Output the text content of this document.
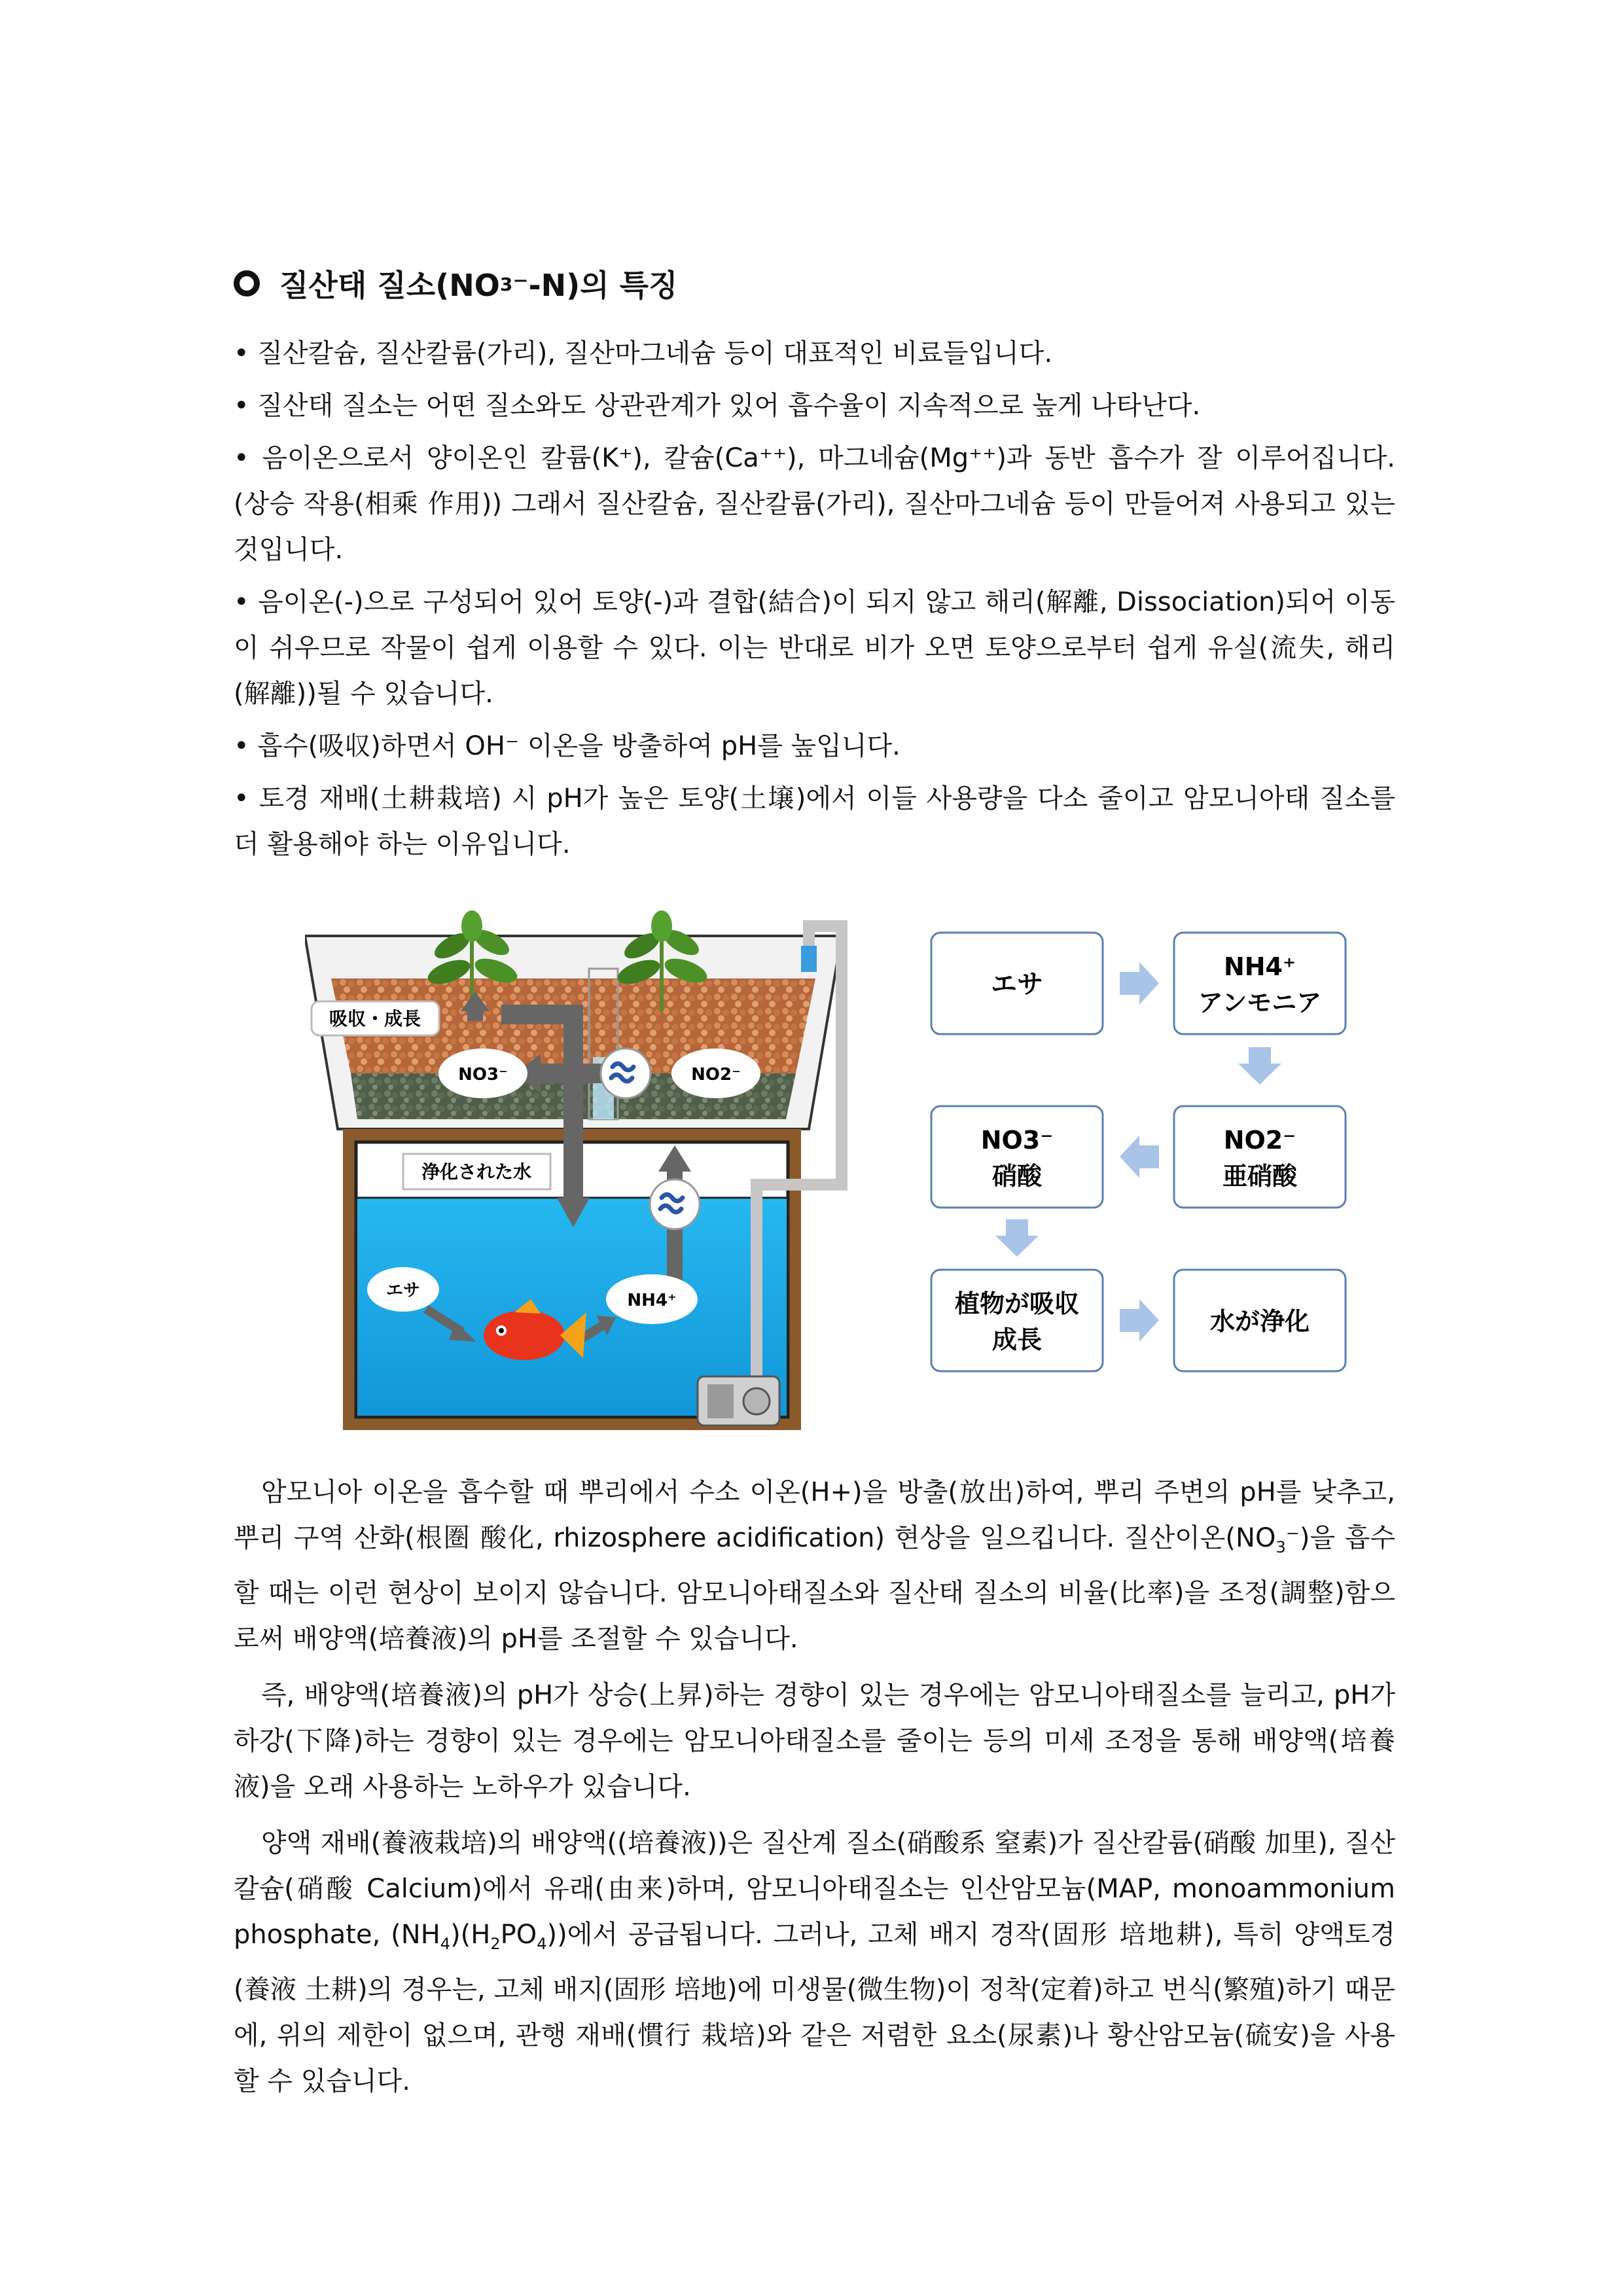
질산태 질소$(NO^3^--N)$의 특징
• 질산칼슘, 질산칼륨(가리), 질산마그네슘 등이 대표적인 비료들입니다.
• 질산태 질소는 어떤 질소와도 상관관계가 있어 흡수율이 지속적으로 높게 나타난다.
• 음이온으로서 양이온인 칼륨(K⁺), 칼슘(Ca⁺⁺), 마그네슘(Mg⁺⁺)과 동반 흡수가 잘 이루어집니다. (상승 작용(相乘 作用)) 그래서 질산칼슘, 질산칼륨(가리), 질산마그네슘 등이 만들어져 사용되고 있는 것입니다.
• 음이온(-)으로 구성되어 있어 토양(-)과 결합(結合)이 되지 않고 해리(解離, Dissociation)되어 이동이 쉬우므로 작물이 쉽게 이용할 수 있다. 이는 반대로 비가 오면 토양으로부터 쉽게 유실(流失, 해리(解離))될 수 있습니다.
• 흡수(吸収)하면서 OH⁻ 이온을 방출하여 pH를 높입니다.
• 토경 재배(土耕栽培) 시 pH가 높은 토양(土壌)에서 이들 사용량을 다소 줄이고 암모니아태 질소를 더 활용해야 하는 이유입니다.
吸収・成長
NO3⁻	NO2⁻
浄化された水
エサ	NH4⁺
エサ
NH4⁺
アンモニア
NO2⁻
亜硝酸
NO3⁻
硝酸
植物が吸収
成長
水が浄化
암모니아 이온을 흡수할 때 뿌리에서 수소 이온(H+)을 방출(放出)하여, 뿌리 주변의 pH를 낮추고, 뿌리 구역 산화(根圏 酸化, rhizosphere acidification) 현상을 일으킵니다. 질산이온$(NO_3^-)$을 흡수할 때는 이런 현상이 보이지 않습니다. 암모니아태질소와 질산태 질소의 비율(比率)을 조정(調整)함으로써 배양액(培養液)의 pH를 조절할 수 있습니다.
즉, 배양액(培養液)의 pH가 상승(上昇)하는 경향이 있는 경우에는 암모니아태질소를 늘리고, pH가 하강(下降)하는 경향이 있는 경우에는 암모니아태질소를 줄이는 등의 미세 조정을 통해 배양액(培養液)을 오래 사용하는 노하우가 있습니다.
양액 재배(養液栽培)의 배양액((培養液))은 질산계 질소(硝酸系 窒素)가 질산칼륨(硝酸 加里), 질산칼슘(硝酸 Calcium)에서 유래(由来)하며, 암모니아태질소는 인산암모늄(MAP, monoammonium phosphate, $(NH_4)(H_2PO_4)$)에서 공급됩니다. 그러나, 고체 배지 경작(固形 培地耕), 특히 양액토경(養液 土耕)의 경우는, 고체 배지(固形 培地)에 미생물(微生物)이 정착(定着)하고 번식(繁殖)하기 때문에, 위의 제한이 없으며, 관행 재배(慣行 栽培)와 같은 저렴한 요소(尿素)나 황산암모늄(硫安)을 사용할 수 있습니다.
